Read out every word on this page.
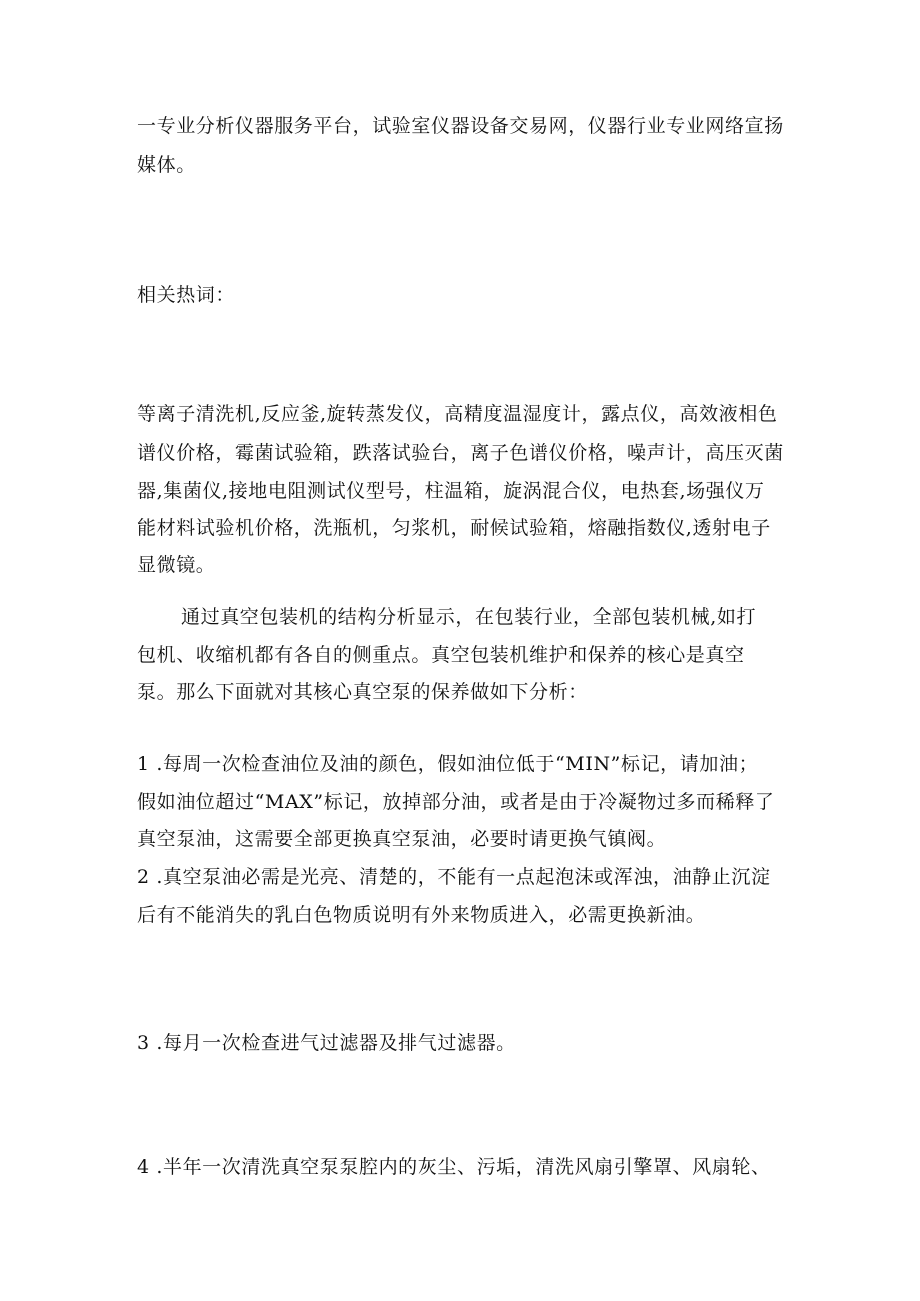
一专业分析仪器服务平台，试验室仪器设备交易网，仪器行业专业网络宣扬
媒体。
相关热词：
等离子清洗机,反应釜,旋转蒸发仪，高精度温湿度计，露点仪，高效液相色
谱仪价格，霉菌试验箱，跌落试验台，离子色谱仪价格，噪声计，高压灭菌
器,集菌仪,接地电阻测试仪型号，柱温箱，旋涡混合仪，电热套,场强仪万
能材料试验机价格，洗瓶机，匀浆机，耐候试验箱，熔融指数仪,透射电子
显微镜。
通过真空包装机的结构分析显示，在包装行业，全部包装机械,如打
包机、收缩机都有各自的侧重点。真空包装机维护和保养的核心是真空
泵。那么下面就对其核心真空泵的保养做如下分析：
1 .每周一次检查油位及油的颜色，假如油位低于“MIN”标记，请加油；
假如油位超过“MAX”标记，放掉部分油，或者是由于冷凝物过多而稀释了
真空泵油，这需要全部更换真空泵油，必要时请更换气镇阀。
2 .真空泵油必需是光亮、清楚的，不能有一点起泡沫或浑浊，油静止沉淀
后有不能消失的乳白色物质说明有外来物质进入，必需更换新油。
3 .每月一次检查进气过滤器及排气过滤器。
4 .半年一次清洗真空泵泵腔内的灰尘、污垢，清洗风扇引擎罩、风扇轮、
